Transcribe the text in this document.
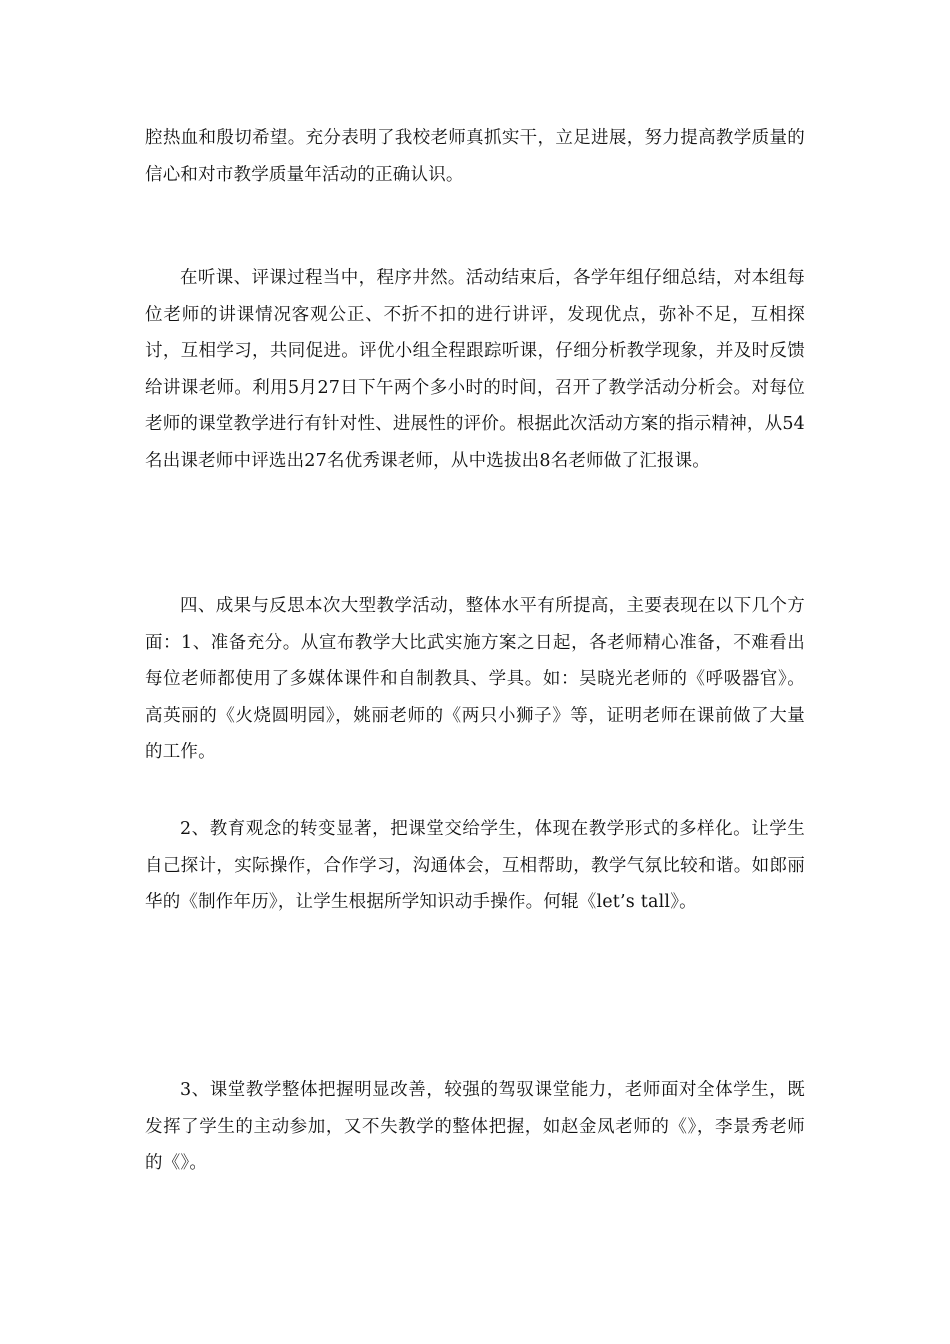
腔热血和殷切希望。充分表明了我校老师真抓实干，立足进展，努力提高教学质量的信心和对市教学质量年活动的正确认识。

在听课、评课过程当中，程序井然。活动结束后，各学年组仔细总结，对本组每位老师的讲课情况客观公正、不折不扣的进行讲评，发现优点，弥补不足，互相探讨，互相学习，共同促进。评优小组全程跟踪听课，仔细分析教学现象，并及时反馈给讲课老师。利用5月27日下午两个多小时的时间，召开了教学活动分析会。对每位老师的课堂教学进行有针对性、进展性的评价。根据此次活动方案的指示精神，从54名出课老师中评选出27名优秀课老师，从中选拔出8名老师做了汇报课。

四、成果与反思本次大型教学活动，整体水平有所提高，主要表现在以下几个方面：1、准备充分。从宣布教学大比武实施方案之日起，各老师精心准备，不难看出每位老师都使用了多媒体课件和自制教具、学具。如：吴晓光老师的《呼吸器官》。高英丽的《火烧圆明园》，姚丽老师的《两只小狮子》等，证明老师在课前做了大量的工作。

2、教育观念的转变显著，把课堂交给学生，体现在教学形式的多样化。让学生自己探计，实际操作，合作学习，沟通体会，互相帮助，教学气氛比较和谐。如郎丽华的《制作年历》，让学生根据所学知识动手操作。何辊《let’s tall》。

3、课堂教学整体把握明显改善，较强的驾驭课堂能力，老师面对全体学生，既发挥了学生的主动参加，又不失教学的整体把握，如赵金凤老师的《》，李景秀老师的《》。
